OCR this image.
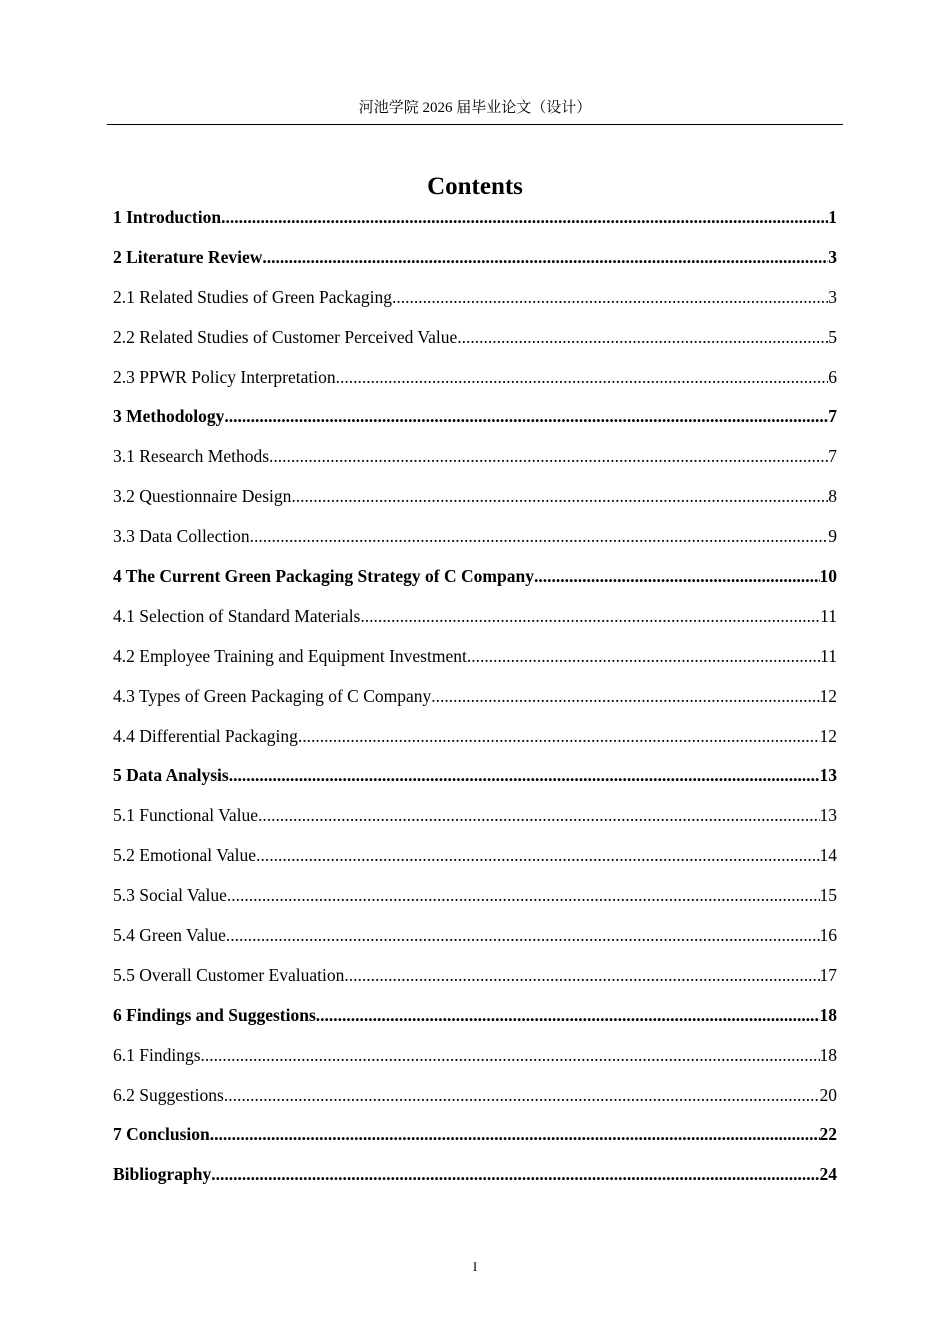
河池学院 2026 届毕业论文（设计）
Contents
1 Introduction .....	1
2 Literature Review .....	3
2.1 Related Studies of Green Packaging .....	3
2.2 Related Studies of Customer Perceived Value .....	5
2.3 PPWR Policy Interpretation .....	6
3 Methodology .....	7
3.1 Research Methods .....	7
3.2 Questionnaire Design .....	8
3.3 Data Collection .....	9
4 The Current Green Packaging Strategy of C Company .....	10
4.1 Selection of Standard Materials .....	11
4.2 Employee Training and Equipment Investment .....	11
4.3 Types of Green Packaging of C Company .....	12
4.4 Differential Packaging .....	12
5 Data Analysis .....	13
5.1 Functional Value .....	13
5.2 Emotional Value .....	14
5.3 Social Value .....	15
5.4 Green Value .....	16
5.5 Overall Customer Evaluation .....	17
6 Findings and Suggestions .....	18
6.1 Findings .....	18
6.2 Suggestions .....	20
7 Conclusion .....	22
Bibliography .....	24
I
